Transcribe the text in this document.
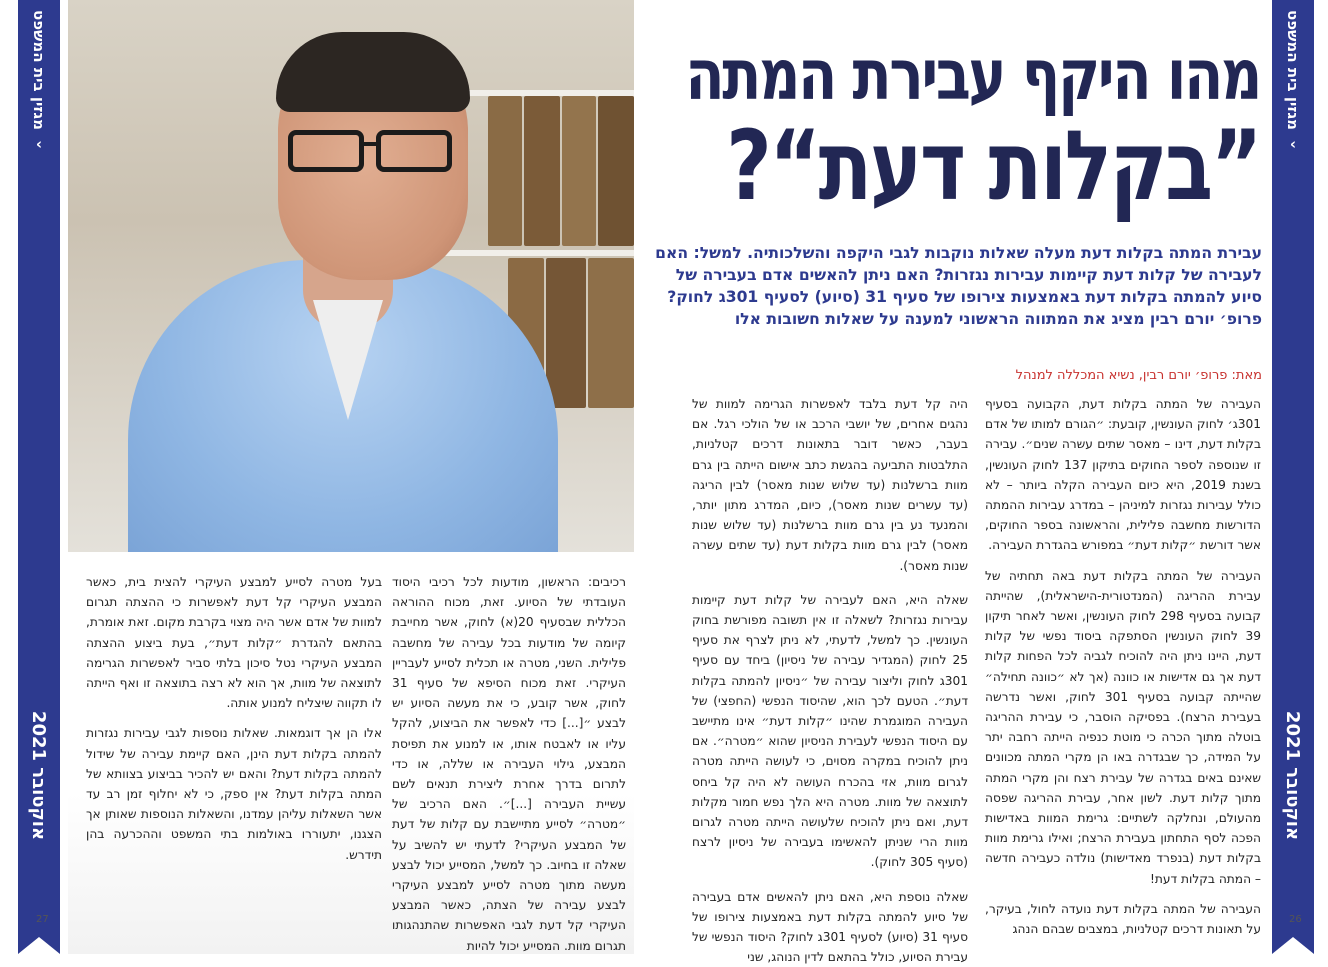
מגזין בית המשפט
‹
אוקטובר 2021
מגזין בית המשפט
‹
אוקטובר 2021
27	26
מהו היקף עבירת המתה
”בקלות דעת“?
עבירת המתה בקלות דעת מעלה שאלות נוקבות לגבי היקפה והשלכותיה. למשל: האם לעבירה של קלות דעת קיימות עבירות נגזרות? האם ניתן להאשים אדם בעבירה של סיוע להמתה בקלות דעת באמצעות צירופו של סעיף 31 (סיוע) לסעיף 301ג לחוק? פרופ׳ יורם רבין מציג את המתווה הראשוני למענה על שאלות חשובות אלו
מאת: פרופ׳ יורם רבין, נשיא המכללה למנהל

העבירה של המתה בקלות דעת, הקבועה בסעיף 301ג׳ לחוק העונשין, קובעת: ״הגורם למותו של אדם בקלות דעת, דינו – מאסר שתים עשרה שנים״. עבירה זו שנוספה לספר החוקים בתיקון 137 לחוק העונשין, בשנת 2019, היא כיום העבירה הקלה ביותר – לא כולל עבירות נגזרות למיניהן – במדרג עבירות ההמתה הדורשות מחשבה פלילית, והראשונה בספר החוקים, אשר דורשת ״קלות דעת״ במפורש בהגדרת העבירה.

העבירה של המתה בקלות דעת באה תחתיה של עבירת ההריגה (המנדטורית-הישראלית), שהייתה קבועה בסעיף 298 לחוק העונשין, ואשר לאחר תיקון 39 לחוק העונשין הסתפקה ביסוד נפשי של קלות דעת, היינו ניתן היה להוכיח לגביה לכל הפחות קלות דעת אך גם אדישות או כוונה (אך לא ״כוונה תחילה״ שהייתה קבועה בסעיף 301 לחוק, ואשר נדרשה בעבירת הרצח). בפסיקה הוסבר, כי עבירת ההריגה בוטלה מתוך הכרה כי מוטת כנפיה הייתה רחבה יתר על המידה, כך שבגדרה באו הן מקרי המתה מכוונים שאינם באים בגדרה של עבירת רצח והן מקרי המתה מתוך קלות דעת. לשון אחר, עבירת ההריגה שפסה מהעולם, ונחלקה לשתיים: גרימת המוות באדישות הפכה לסף התחתון בעבירת הרצח; ואילו גרימת מוות בקלות דעת (בנפרד מאדישות) נולדה כעבירה חדשה – המתה בקלות דעת!

העבירה של המתה בקלות דעת נועדה לחול, בעיקר, על תאונות דרכים קטלניות, במצבים שבהם הנהג

היה קל דעת בלבד לאפשרות הגרימה למוות של נהגים אחרים, של יושבי הרכב או של הולכי רגל. אם בעבר, כאשר דובר בתאונות דרכים קטלניות, התלבטות התביעה בהגשת כתב אישום הייתה בין גרם מוות ברשלנות (עד שלוש שנות מאסר) לבין הריגה (עד עשרים שנות מאסר), כיום, המדרג מתון יותר, והמנעד נע בין גרם מוות ברשלנות (עד שלוש שנות מאסר) לבין גרם מוות בקלות דעת (עד שתים עשרה שנות מאסר).

שאלה היא, האם לעבירה של קלות דעת קיימות עבירות נגזרות? לשאלה זו אין תשובה מפורשת בחוק העונשין. כך למשל, לדעתי, לא ניתן לצרף את סעיף 25 לחוק (המגדיר עבירה של ניסיון) ביחד עם סעיף 301ג לחוק וליצור עבירה של ״ניסיון להמתה בקלות דעת״. הטעם לכך הוא, שהיסוד הנפשי (החפצי) של העבירה המוגמרת שהינו ״קלות דעת״ אינו מתיישב עם היסוד הנפשי לעבירת הניסיון שהוא ״מטרה״. אם ניתן להוכיח במקרה מסוים, כי לעושה הייתה מטרה לגרום מוות, אזי בהכרח העושה לא היה קל ביחס לתוצאה של מוות. מטרה היא הלך נפש חמור מקלות דעת, ואם ניתן להוכיח שלעושה הייתה מטרה לגרום מוות הרי שניתן להאשימו בעבירה של ניסיון לרצח (סעיף 305 לחוק).

שאלה נוספת היא, האם ניתן להאשים אדם בעבירה של סיוע להמתה בקלות דעת באמצעות צירופו של סעיף 31 (סיוע) לסעיף 301ג לחוק? היסוד הנפשי של עבירת הסיוע, כולל בהתאם לדין הנוהג, שני

רכיבים: הראשון, מודעות לכל רכיבי היסוד העובדתי של הסיוע. זאת, מכוח ההוראה הכללית שבסעיף 20(א) לחוק, אשר מחייבת קיומה של מודעות בכל עבירה של מחשבה פלילית. השני, מטרה או תכלית לסייע לעבריין העיקרי. זאת מכוח הסיפא של סעיף 31 לחוק, אשר קובע, כי את מעשה הסיוע יש לבצע ״[...] כדי לאפשר את הביצוע, להקל עליו או לאבטח אותו, או למנוע את תפיסת המבצע, גילוי העבירה או שללה, או כדי לתרום בדרך אחרת ליצירת תנאים לשם עשיית העבירה [...]״. האם הרכיב של ״מטרה״ לסייע מתיישבת עם קלות של דעת של המבצע העיקרי? לדעתי יש להשיב על שאלה זו בחיוב. כך למשל, המסייע יכול לבצע מעשה מתוך מטרה לסייע למבצע העיקרי לבצע עבירה של הצתה, כאשר המבצע העיקרי קל דעת לגבי האפשרות שהתנהגותו תגרום מוות. המסייע יכול להיות

בעל מטרה לסייע למבצע העיקרי להצית בית, כאשר המבצע העיקרי קל דעת לאפשרות כי ההצתה תגרום למוות של אדם אשר היה מצוי בקרבת מקום. זאת אומרת, בהתאם להגדרת ״קלות דעת״, בעת ביצוע ההצתה המבצע העיקרי נטל סיכון בלתי סביר לאפשרות הגרימה לתוצאה של מוות, אך הוא לא רצה בתוצאה זו ואף הייתה לו תקווה שיצליח למנוע אותה.

אלו הן אך דוגמאות. שאלות נוספות לגבי עבירות נגזרות להמתה בקלות דעת הינן, האם קיימת עבירה של שידול להמתה בקלות דעת? והאם יש להכיר בביצוע בצוותא של המתה בקלות דעת? אין ספק, כי לא יחלוף זמן רב עד אשר השאלות עליהן עמדנו, והשאלות הנוספות שאותן אך הצגנו, יתעוררו באולמות בתי המשפט וההכרעה בהן תידרש.
